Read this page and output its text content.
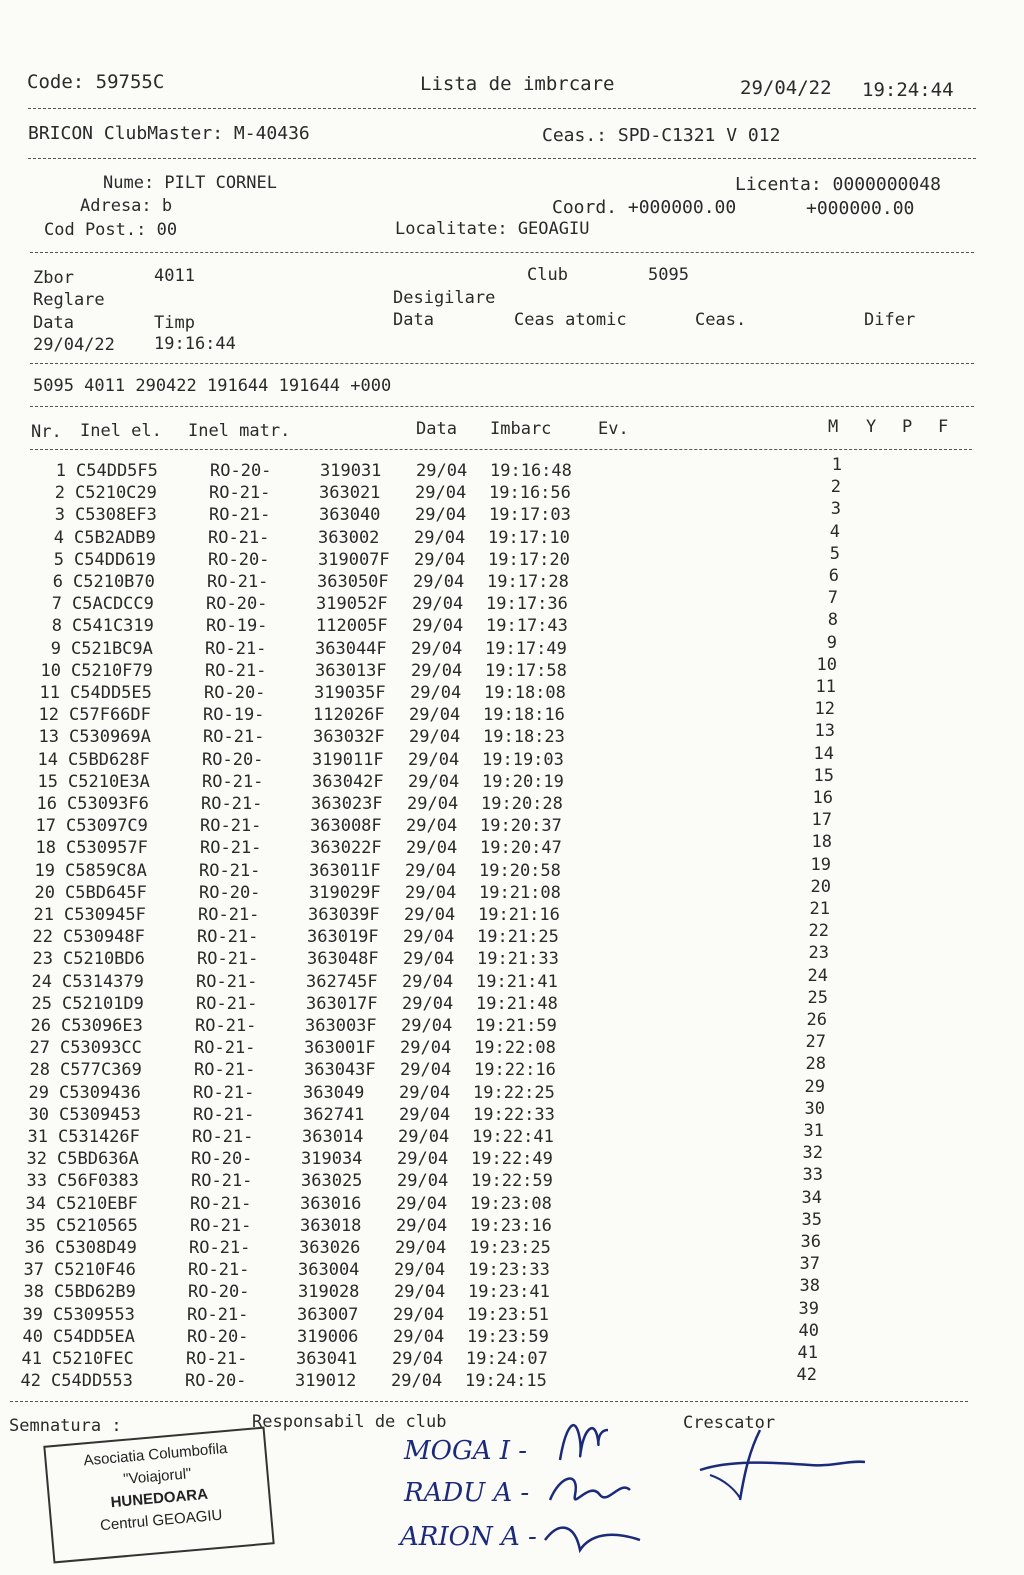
Code: 59755C	Lista de imbrcare	29/04/22 19:24:44
BRICON ClubMaster: M-40436	Ceas.: SPD-C1321 V 012
Nume: PILT CORNEL	Licenta: 0000000048
Adresa: b	Coord. +000000.00	+000000.00
Cod Post.: 00	Localitate: GEOAGIU
Zbor	4011	Club	5095
Reglare	Desigilare
Data	Timp	Data	Ceas atomic	Ceas.	Difer
29/04/22 19:16:44
5095 4011 290422 191644 191644 +000
Nr. Inel el. Inel matr.	Data Imbarc	Ev.	M Y P F
1 C54DD5F5	RO-20-	319031 29/04 19:16:48	1
2 C5210C29	RO-21-	363021 29/04 19:16:56	2
3 C5308EF3	RO-21-	363040 29/04 19:17:03	3
4 C5B2ADB9	RO-21-	363002 29/04 19:17:10	4
5 C54DD619	RO-20-	319007F 29/04 19:17:20	5
6 C5210B70	RO-21-	363050F 29/04 19:17:28	6
7 C5ACDCC9	RO-20-	319052F 29/04 19:17:36	7
8 C541C319	RO-19-	112005F 29/04 19:17:43	8
9 C521BC9A	RO-21-	363044F 29/04 19:17:49	9
10 C5210F79	RO-21-	363013F 29/04 19:17:58	10
11 C54DD5E5	RO-20-	319035F 29/04 19:18:08	11
12 C57F66DF	RO-19-	112026F 29/04 19:18:16	12
13 C530969A	RO-21-	363032F 29/04 19:18:23	13
14 C5BD628F	RO-20-	319011F 29/04 19:19:03	14
15 C5210E3A	RO-21-	363042F 29/04 19:20:19	15
16 C53093F6	RO-21-	363023F 29/04 19:20:28	16
17 C53097C9	RO-21-	363008F 29/04 19:20:37	17
18 C530957F	RO-21-	363022F 29/04 19:20:47	18
19 C5859C8A	RO-21-	363011F 29/04 19:20:58	19
20 C5BD645F	RO-20-	319029F 29/04 19:21:08	20
21 C530945F	RO-21-	363039F 29/04 19:21:16	21
22 C530948F	RO-21-	363019F 29/04 19:21:25	22
23 C5210BD6	RO-21-	363048F 29/04 19:21:33	23
24 C5314379	RO-21-	362745F 29/04 19:21:41	24
25 C52101D9	RO-21-	363017F 29/04 19:21:48	25
26 C53096E3	RO-21-	363003F 29/04 19:21:59	26
27 C53093CC	RO-21-	363001F 29/04 19:22:08	27
28 C577C369	RO-21-	363043F 29/04 19:22:16	28
29 C5309436	RO-21-	363049 29/04 19:22:25	29
30 C5309453	RO-21-	362741 29/04 19:22:33	30
31 C531426F	RO-21-	363014 29/04 19:22:41	31
32 C5BD636A	RO-20-	319034 29/04 19:22:49	32
33 C56F0383	RO-21-	363025 29/04 19:22:59	33
34 C5210EBF	RO-21-	363016 29/04 19:23:08	34
35 C5210565	RO-21-	363018 29/04 19:23:16	35
36 C5308D49	RO-21-	363026 29/04 19:23:25	36
37 C5210F46	RO-21-	363004 29/04 19:23:33	37
38 C5BD62B9	RO-20-	319028 29/04 19:23:41	38
39 C5309553	RO-21-	363007 29/04 19:23:51	39
40 C54DD5EA	RO-20-	319006 29/04 19:23:59	40
41 C5210FEC	RO-21-	363041 29/04 19:24:07	41
42 C54DD553	RO-20-	319012 29/04 19:24:15	42
Semnatura :	Responsabil de club	Crescator
Asociatia Columbofila
"Voiajorul"
HUNEDOARA
Centrul GEOAGIU
MOGA I -
RADU A -
ARION A -
